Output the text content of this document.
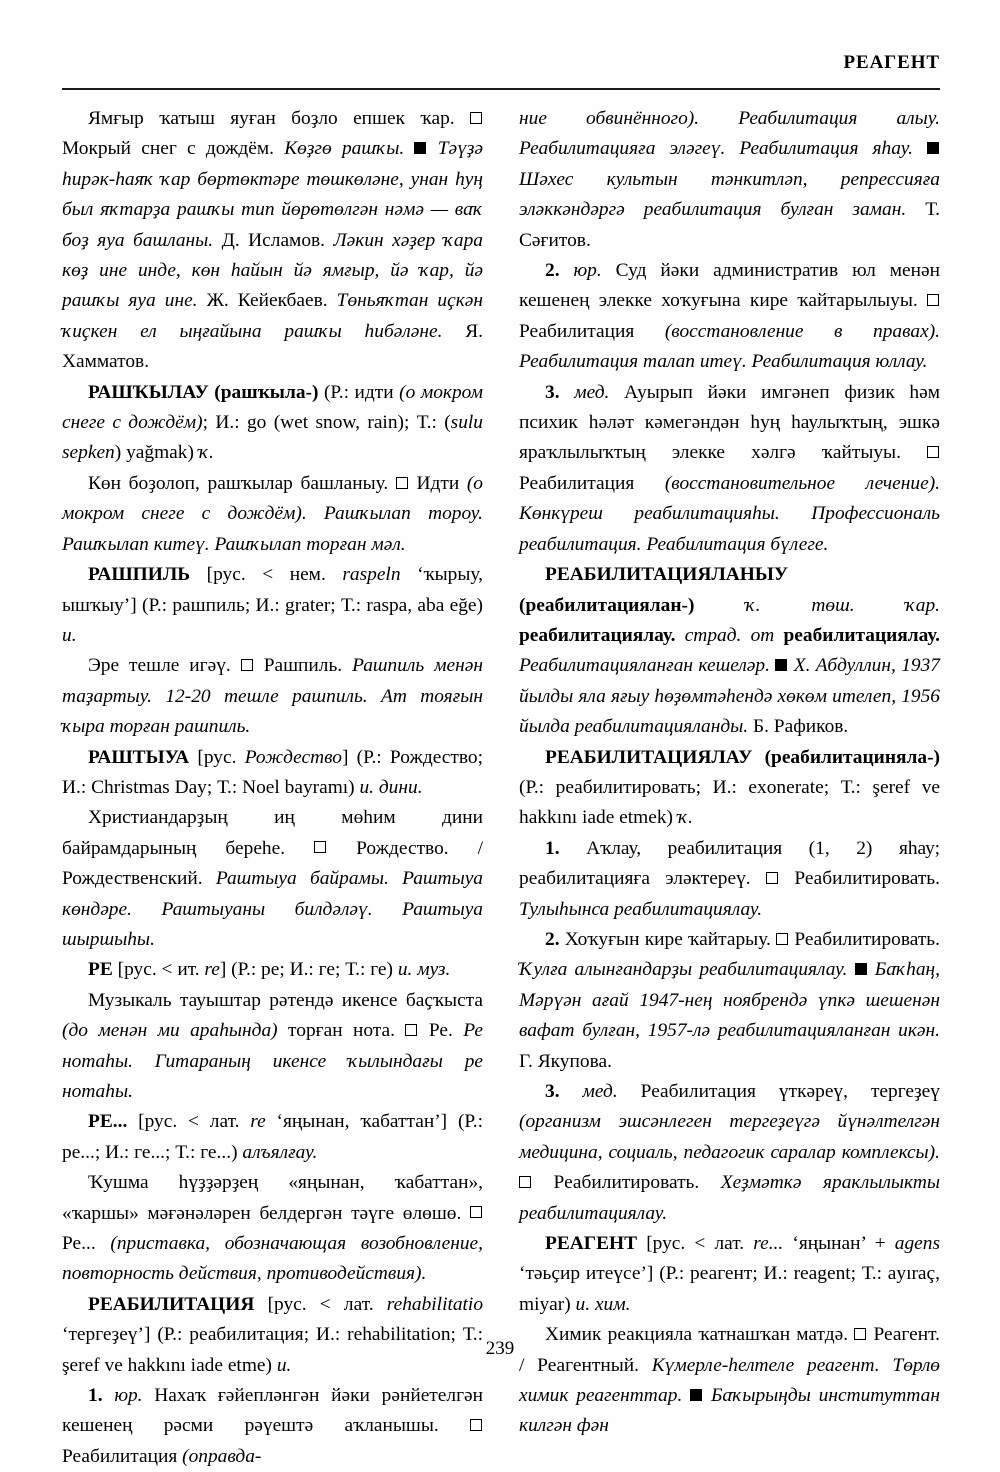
РЕАГЕНТ

Ямғыр ҡатыш яуған боҙло епшек ҡар.  Мокрый снег с дождём. Көҙгө рашҡы.  Тәүҙә һирәк-һаяҡ ҡар бөртөктәре төшкөләне, унан һуң был яҡтарҙа рашҡы тип йөрөтөлгән нәмә — ваҡ боҙ яуа башланы. Д. Исламов. Ләкин хәҙер ҡара көҙ ине инде, көн һайын йә ямғыр, йә ҡар, йә рашҡы яуа ине. Ж. Кейекбаев. Төньяҡтан иҫкән ҡиҫкен ел ыңғайына рашҡы һибәләне. Я. Хамматов.

РАШҠЫЛАУ (рашҡыла-) (Р.: идти (о мокром снеге с дождём); И.: go (wet snow, rain); Т.: (sulu sepken) yağmak) ҡ.

Көн боҙолоп, рашҡылар башланыу.  Идти (о мокром снеге с дождём). Рашҡылап тороу. Рашҡылап китеү. Рашҡылап торған мәл.

РАШПИЛЬ [рус. < нем. raspeln ‘ҡырыу, ышҡыу’] (Р.: рашпиль; И.: grater; Т.: raspa, aba eğe) и.

Эре тешле игәү.  Рашпиль. Рашпиль менән таҙартыу. 12-20 тешле рашпиль. Ат тояғын ҡыра торған рашпиль.

РАШТЫУА [рус. Рождество] (Р.: Рождество; И.: Christmas Day; Т.: Noel bayramı) и. дини.

Христиандарҙың иң мөһим дини байрамдарының береһе.  Рождество. / Рождественский. Раштыуа байрамы. Раштыуа көндәре. Раштыуаны билдәләү. Раштыуа шыршыһы.

РЕ [рус. < ит. re] (Р.: ре; И.: ге; Т.: ге) и. муз.

Музыкаль тауыштар рәтендә икенсе баҫҡыста (до менән ми араһында) торған нота.  Ре. Ре нотаһы. Гитараның икенсе ҡылындағы ре нотаһы.

РЕ... [рус. < лат. re ‘яңынан, ҡабаттан’] (Р.: ре...; И.: ге...; Т.: ге...) алъялғау.

Ҡушма һүҙҙәрҙең «яңынан, ҡабаттан», «ҡаршы» мәғәнәләрен белдергән тәүге өлөшө.  Ре... (приставка, обозначающая возобновление, повторность действия, противодействия).

РЕАБИЛИТАЦИЯ [рус. < лат. rehabilitatio ‘тергеҙеү’] (Р.: реабилитация; И.: rehabilitation; Т.: şeref ve hakkını iade etme) и.

1. юр. Нахаҡ ғәйепләнгән йәки рәнйетелгән кешенең рәсми рәүештә аҡланышы.  Реабилитация (оправда-

ние обвинённого). Реабилитация алыу. Реабилитацияға эләгеү. Реабилитация яһау.  Шәхес культын тәнкитләп, репрессияға эләккәндәргә реабилитация булған заман. Т. Сәғитов.

2. юр. Суд йәки административ юл менән кешенең элекке хоҡуғына кире ҡайтарылыуы.  Реабилитация (восстановление в правах). Реабилитация талап итеү. Реабилитация юллау.

3. мед. Ауырып йәки имгәнеп физик һәм психик һәләт кәмегәндән һуң һаулыҡтың, эшкә яраҡлылыҡтың элекке хәлгә ҡайтыуы.  Реабилитация (восстановительное лечение). Көнкүреш реабилитацияһы. Профессиональ реабилитация. Реабилитация бүлеге.

РЕАБИЛИТАЦИЯЛАНЫУ (реабилитациялан-) ҡ. төш. ҡар. реабилитациялау. страд. от реабилитациялау. Реабилитацияланған кешеләр.  Х. Абдуллин, 1937 йылды яла яғыу һөҙөмтәһендә хөкөм ителеп, 1956 йылда реабилитацияланды. Б. Рафиков.

РЕАБИЛИТАЦИЯЛАУ (реабилитациняла-) (Р.: реабилитировать; И.: exonerate; Т.: şeref ve hakkını iade etmek) ҡ.

1. Аҡлау, реабилитация (1, 2) яһау; реабилитацияға эләктереү.  Реабилитировать. Тулыһынса реабилитациялау.

2. Хоҡуғын кире ҡайтарыу.  Реабилитировать. Ҡулға алынғандарҙы реабилитациялау.  Баҡһаң, Мәрүән ағай 1947-нең ноябрендә үпкә шешенән вафат булған, 1957-лә реабилитацияланған икән. Г. Якупова.

3. мед. Реабилитация үткәреү, тергеҙеү (организм эшсәнлеген тергеҙеүгә йүнәлтелгән медицина, социаль, педагогик саралар комплексы).  Реабилитировать. Хеҙмәткә яраклылыкты реабилитациялау.

РЕАГЕНТ [рус. < лат. re... ‘яңынан’ + agens ‘тәьҫир итеүсе’] (Р.: реагент; И.: reagent; Т.: ayıraç, miyar) и. хим.

Химик реакцияла ҡатнашҡан матдә.  Реагент. / Реагентный. Күмерле-һелтеле реагент. Төрлө химик реагенттар.  Баҡырыңды институттан килгән фән

239
